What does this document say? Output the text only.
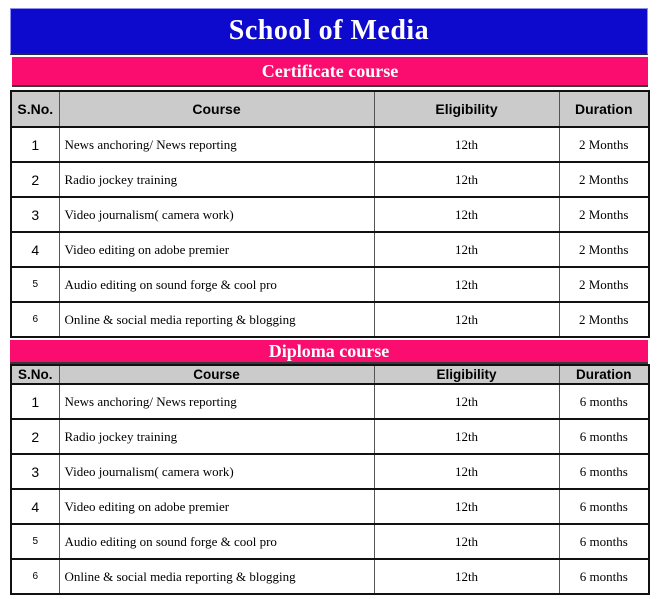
School of Media
Certificate course
S.No.	Course	Eligibility	Duration
1	News anchoring/ News reporting	12th	2 Months
2	Radio jockey training	12th	2 Months
3	Video journalism( camera work)	12th	2 Months
4	Video editing on adobe premier	12th	2 Months
5	Audio editing on sound forge & cool pro	12th	2 Months
6	Online & social media reporting & blogging	12th	2 Months
Diploma course
S.No.	Course	Eligibility	Duration
1	News anchoring/ News reporting	12th	6 months
2	Radio jockey training	12th	6 months
3	Video journalism( camera work)	12th	6 months
4	Video editing on adobe premier	12th	6 months
5	Audio editing on sound forge & cool pro	12th	6 months
6	Online & social media reporting & blogging	12th	6 months
